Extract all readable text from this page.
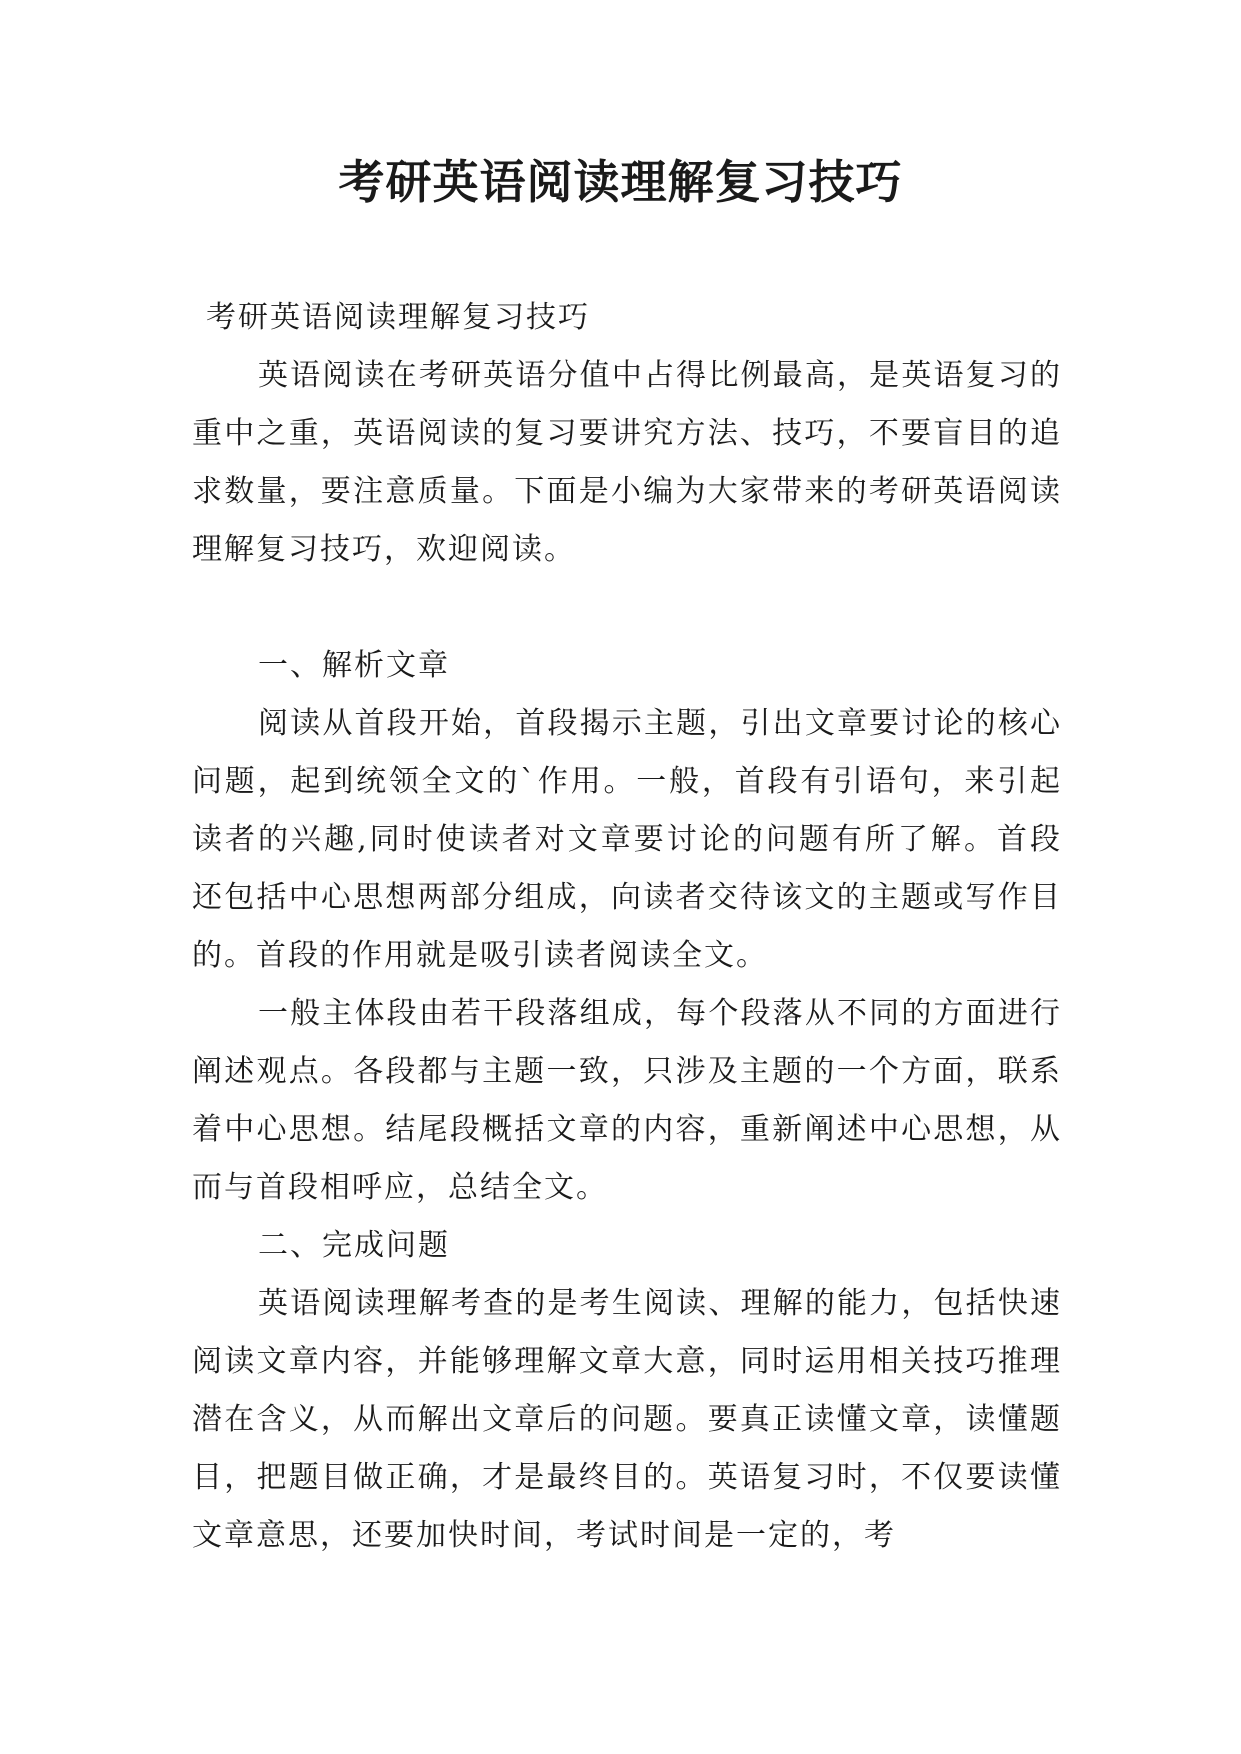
考研英语阅读理解复习技巧

考研英语阅读理解复习技巧

英语阅读在考研英语分值中占得比例最高，是英语复习的重中之重，英语阅读的复习要讲究方法、技巧，不要盲目的追求数量，要注意质量。下面是小编为大家带来的考研英语阅读理解复习技巧，欢迎阅读。

一、解析文章

阅读从首段开始，首段揭示主题，引出文章要讨论的核心问题，起到统领全文的`作用。一般，首段有引语句，来引起读者的兴趣,同时使读者对文章要讨论的问题有所了解。首段还包括中心思想两部分组成，向读者交待该文的主题或写作目的。首段的作用就是吸引读者阅读全文。

一般主体段由若干段落组成，每个段落从不同的方面进行阐述观点。各段都与主题一致，只涉及主题的一个方面，联系着中心思想。结尾段概括文章的内容，重新阐述中心思想，从而与首段相呼应，总结全文。

二、完成问题

英语阅读理解考查的是考生阅读、理解的能力，包括快速阅读文章内容，并能够理解文章大意，同时运用相关技巧推理潜在含义，从而解出文章后的问题。要真正读懂文章，读懂题目，把题目做正确，才是最终目的。英语复习时，不仅要读懂文章意思，还要加快时间，考试时间是一定的，考
